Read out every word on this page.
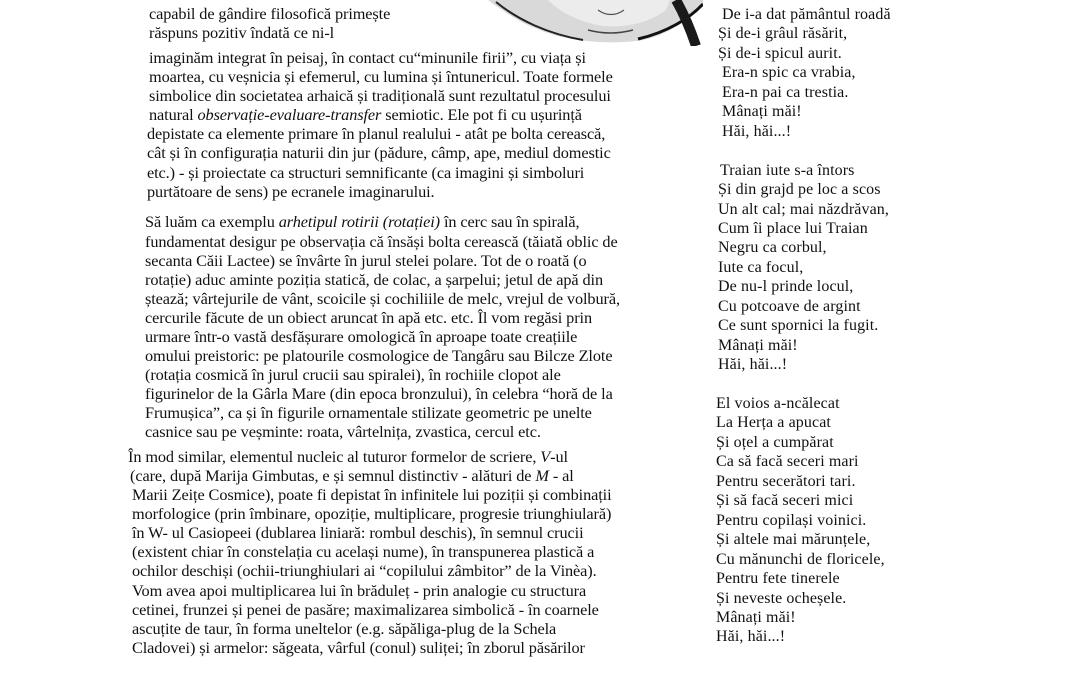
capabil de gândire filosofică primește
răspuns pozitiv îndată ce ni-l
imaginăm integrat în peisaj, în contact cu“minunile firii”, cu viața și
moartea, cu veșnicia și efemerul, cu lumina și întunericul. Toate formele
simbolice din societatea arhaică și tradițională sunt rezultatul procesului
natural observație-evaluare-transfer semiotic. Ele pot fi cu ușurință
depistate ca elemente primare în planul realului - atât pe bolta cerească,
cât și în configurația naturii din jur (pădure, câmp, ape, mediul domestic
etc.) - și proiectate ca structuri semnificante (ca imagini și simboluri
purtătoare de sens) pe ecranele imaginarului.
Să luăm ca exemplu arhetipul rotirii (rotației) în cerc sau în spirală,
fundamentat desigur pe observația că însăși bolta cerească (tăiată oblic de
secanta Căii Lactee) se învârte în jurul stelei polare. Tot de o roată (o
rotație) aduc aminte poziția statică, de colac, a șarpelui; jetul de apă din
ștează; vârtejurile de vânt, scoicile și cochiliile de melc, vrejul de volbură,
cercurile făcute de un obiect aruncat în apă etc. etc. Îl vom regăsi prin
urmare într-o vastă desfășurare omologică în aproape toate creațiile
omului preistoric: pe platourile cosmologice de Tangâru sau Bilcze Zlote
(rotația cosmică în jurul crucii sau spiralei), în rochiile clopot ale
figurinelor de la Gârla Mare (din epoca bronzului), în celebra “horă de la
Frumușica”, ca și în figurile ornamentale stilizate geometric pe unelte
casnice sau pe veșminte: roata, vârtelnița, zvastica, cercul etc.
În mod similar, elementul nucleic al tuturor formelor de scriere, V-ul
(care, după Marija Gimbutas, e și semnul distinctiv - alături de M - al
Marii Zeițe Cosmice), poate fi depistat în infinitele lui poziții și combinații
morfologice (prin îmbinare, opoziție, multiplicare, progresie triunghiulară)
în W- ul Casiopeei (dublarea liniară: rombul deschis), în semnul crucii
(existent chiar în constelația cu același nume), în transpunerea plastică a
ochilor deschiși (ochii-triunghiulari ai “copilului zâmbitor” de la Vinèa).
Vom avea apoi multiplicarea lui în brăduleț - prin analogie cu structura
cetinei, frunzei și penei de pasăre; maximalizarea simbolică - în coarnele
ascuțite de taur, în forma uneltelor (e.g. săpăliga-plug de la Schela
Cladovei) și armelor: săgeata, vârful (conul) suliței; în zborul păsărilor
De i-a dat pământul roadă
Și de-i grâul răsărit,
Și de-i spicul aurit.
Era-n spic ca vrabia,
Era-n pai ca trestia.
Mânați măi!
Hăi, hăi...!
Traian iute s-a întors
Și din grajd pe loc a scos
Un alt cal; mai năzdrăvan,
Cum îi place lui Traian
Negru ca corbul,
Iute ca focul,
De nu-l prinde locul,
Cu potcoave de argint
Ce sunt spornici la fugit.
Mânați măi!
Hăi, hăi...!
El voios a-ncălecat
La Herța a apucat
Și oțel a cumpărat
Ca să facă seceri mari
Pentru secerători tari.
Și să facă seceri mici
Pentru copilași voinici.
Și altele mai mărunțele,
Cu mănunchi de floricele,
Pentru fete tinerele
Și neveste ocheșele.
Mânați măi!
Hăi, hăi...!
